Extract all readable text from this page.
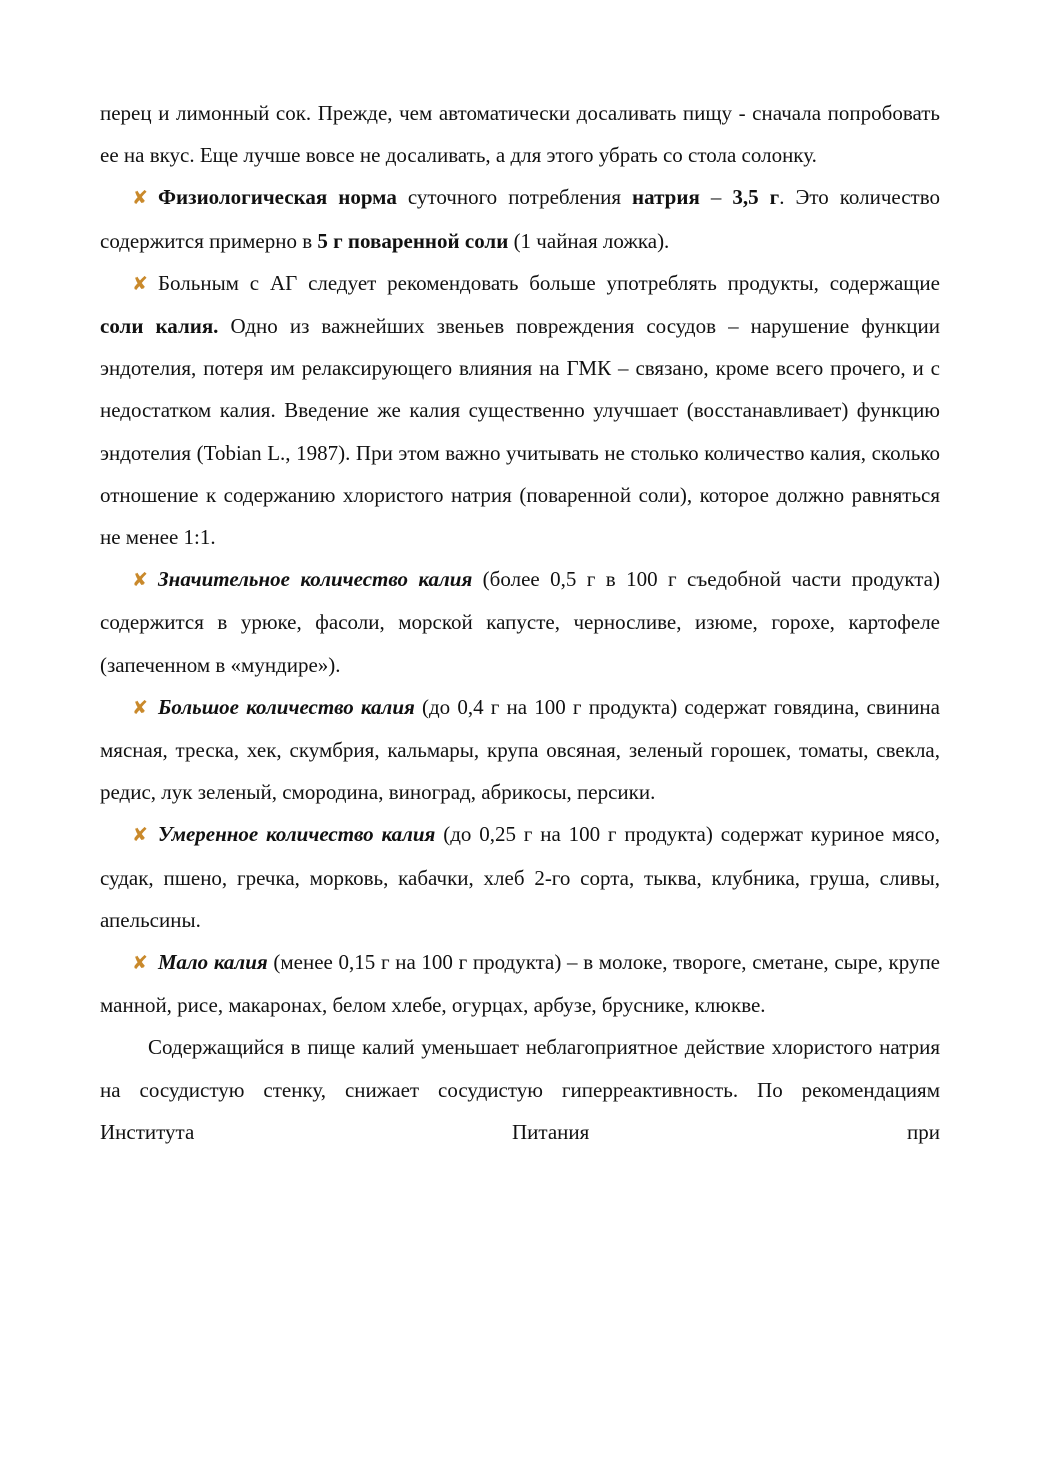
перец и лимонный сок. Прежде, чем автоматически досаливать пищу - сначала попробовать ее на вкус. Еще лучше вовсе не досаливать, а для этого убрать со стола солонку.

✘ Физиологическая норма суточного потребления натрия – 3,5 г. Это количество содержится примерно в 5 г поваренной соли (1 чайная ложка).

✘ Больным с АГ следует рекомендовать больше употреблять продукты, содержащие соли калия. Одно из важнейших звеньев повреждения сосудов – нарушение функции эндотелия, потеря им релаксирующего влияния на ГМК – связано, кроме всего прочего, и с недостатком калия. Введение же калия существенно улучшает (восстанавливает) функцию эндотелия (Tobian L., 1987). При этом важно учитывать не столько количество калия, сколько отношение к содержанию хлористого натрия (поваренной соли), которое должно равняться не менее 1:1.

✘ Значительное количество калия (более 0,5 г в 100 г съедобной части продукта) содержится в урюке, фасоли, морской капусте, черносливе, изюме, горохе, картофеле (запеченном в «мундире»).

✘ Большое количество калия (до 0,4 г на 100 г продукта) содержат говядина, свинина мясная, треска, хек, скумбрия, кальмары, крупа овсяная, зеленый горошек, томаты, свекла, редис, лук зеленый, смородина, виноград, абрикосы, персики.

✘ Умеренное количество калия (до 0,25 г на 100 г продукта) содержат куриное мясо, судак, пшено, гречка, морковь, кабачки, хлеб 2-го сорта, тыква, клубника, груша, сливы, апельсины.

✘ Мало калия (менее 0,15 г на 100 г продукта) – в молоке, твороге, сметане, сыре, крупе манной, рисе, макаронах, белом хлебе, огурцах, арбузе, бруснике, клюкве.

Содержащийся в пище калий уменьшает неблагоприятное действие хлористого натрия на сосудистую стенку, снижает сосудистую гиперреактивность. По рекомендациям Института Питания при
